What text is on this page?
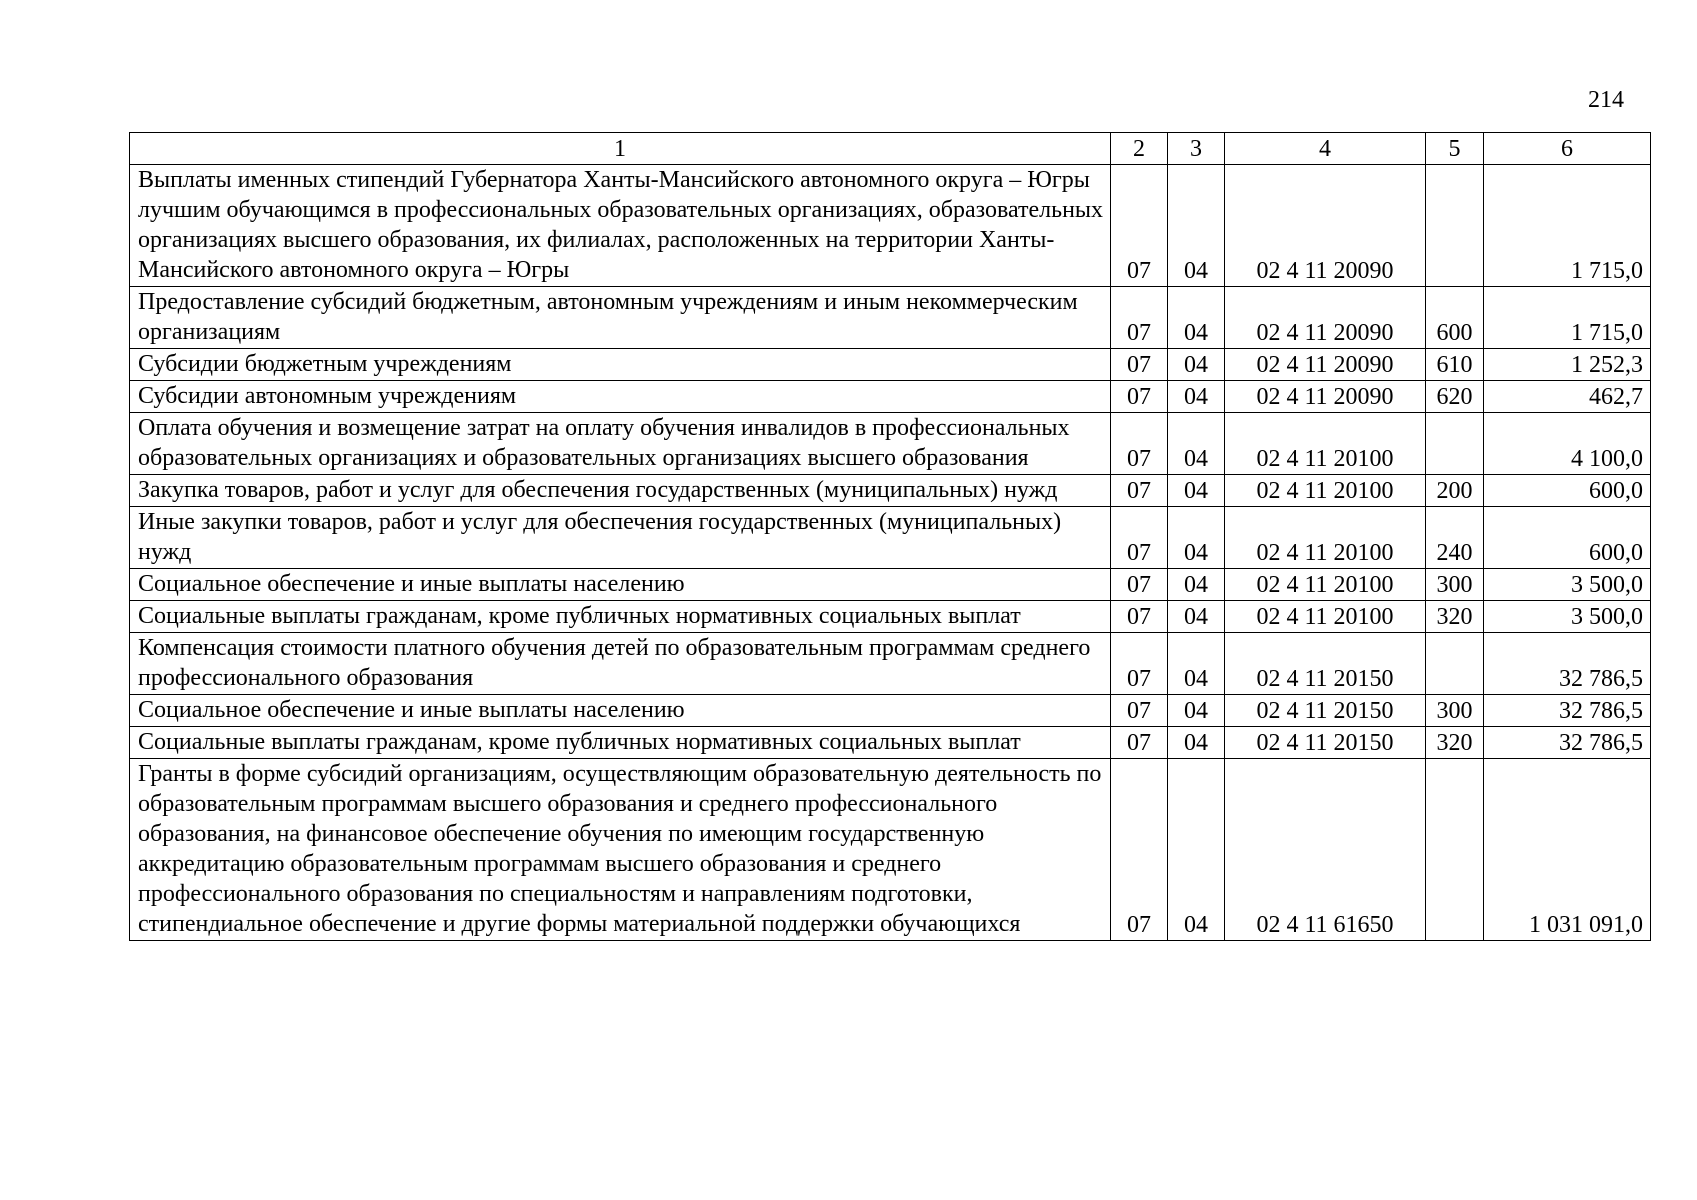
214
1	2	3	4	5	6
Выплаты именных стипендий Губернатора Ханты-Мансийского автономного округа – Югры лучшим обучающимся в профессиональных образовательных организациях, образовательных организациях высшего образования, их филиалах, расположенных на территории Ханты-Мансийского автономного округа – Югры	07	04	02 4 11 20090		1 715,0
Предоставление субсидий бюджетным, автономным учреждениям и иным некоммерческим организациям	07	04	02 4 11 20090	600	1 715,0
Субсидии бюджетным учреждениям	07	04	02 4 11 20090	610	1 252,3
Субсидии автономным учреждениям	07	04	02 4 11 20090	620	462,7
Оплата обучения и возмещение затрат на оплату обучения инвалидов в профессиональных образовательных организациях и образовательных организациях высшего образования	07	04	02 4 11 20100		4 100,0
Закупка товаров, работ и услуг для обеспечения государственных (муниципальных) нужд	07	04	02 4 11 20100	200	600,0
Иные закупки товаров, работ и услуг для обеспечения государственных (муниципальных) нужд	07	04	02 4 11 20100	240	600,0
Социальное обеспечение и иные выплаты населению	07	04	02 4 11 20100	300	3 500,0
Социальные выплаты гражданам, кроме публичных нормативных социальных выплат	07	04	02 4 11 20100	320	3 500,0
Компенсация стоимости платного обучения детей по образовательным программам среднего профессионального образования	07	04	02 4 11 20150		32 786,5
Социальное обеспечение и иные выплаты населению	07	04	02 4 11 20150	300	32 786,5
Социальные выплаты гражданам, кроме публичных нормативных социальных выплат	07	04	02 4 11 20150	320	32 786,5
Гранты в форме субсидий организациям, осуществляющим образовательную деятельность по образовательным программам высшего образования и среднего профессионального образования, на финансовое обеспечение обучения по имеющим государственную аккредитацию образовательным программам высшего образования и среднего профессионального образования по специальностям и направлениям подготовки, стипендиальное обеспечение и другие формы материальной поддержки обучающихся	07	04	02 4 11 61650		1 031 091,0
